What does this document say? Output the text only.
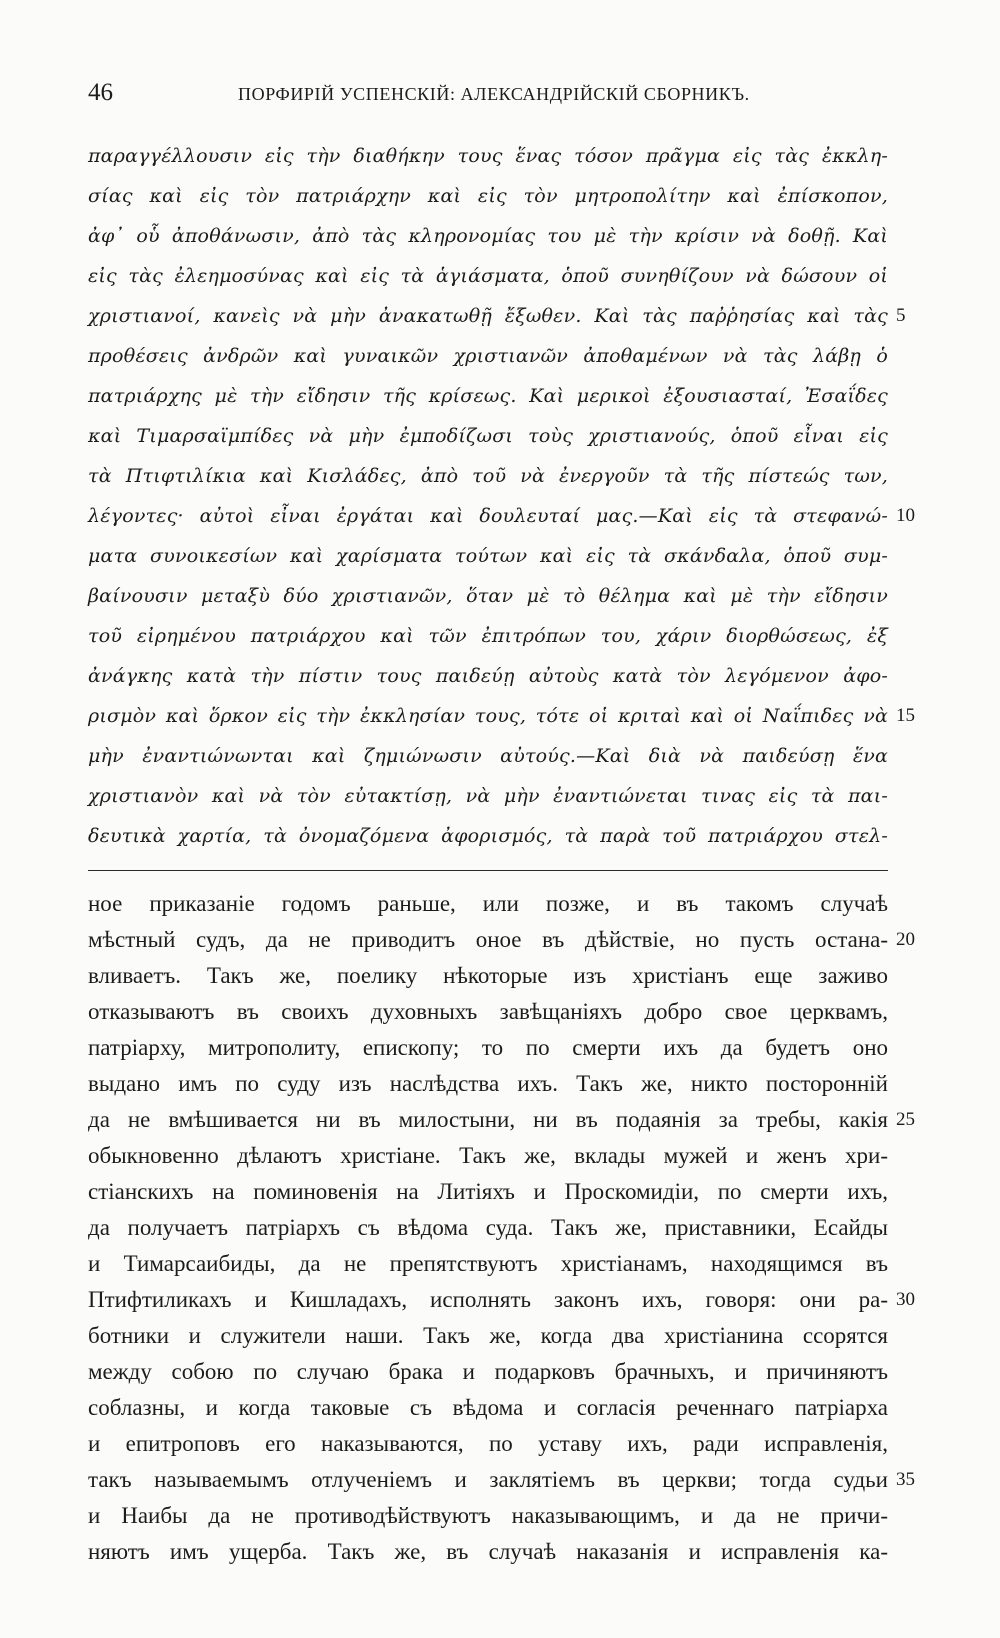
46	ПОРФИРІЙ УСПЕНСКІЙ: АЛЕКСАНДРІЙСКІЙ СБОРНИКЪ.
παραγγέλλουσιν εἰς τὴν διαθήκην τους ἕνας τόσον πρᾶγμα εἰς τὰς ἐκκλη-
σίας καὶ εἰς τὸν πατριάρχην καὶ εἰς τὸν μητροπολίτην καὶ ἐπίσκοπον,
ἀφ᾽ οὗ ἀποθάνωσιν, ἀπὸ τὰς κληρονομίας του μὲ τὴν κρίσιν νὰ δοθῇ. Καὶ
εἰς τὰς ἐλεημοσύνας καὶ εἰς τὰ ἁγιάσματα, ὁποῦ συνηθίζουν νὰ δώσουν οἱ
χριστιανοί, κανεὶς νὰ μὴν ἀνακατωθῇ ἔξωθεν. Καὶ τὰς παῤῥησίας καὶ τὰς 5
προθέσεις ἀνδρῶν καὶ γυναικῶν χριστιανῶν ἀποθαμένων νὰ τὰς λάβῃ ὁ
πατριάρχης μὲ τὴν εἴδησιν τῆς κρίσεως. Καὶ μερικοὶ ἐξουσιασταί, Ἐσαΐδες
καὶ Τιμαρσαϊμπίδες νὰ μὴν ἐμποδίζωσι τοὺς χριστιανούς, ὁποῦ εἶναι εἰς
τὰ Πτιφτιλίκια καὶ Κισλάδες, ἀπὸ τοῦ νὰ ἐνεργοῦν τὰ τῆς πίστεώς των,
λέγοντες· αὐτοὶ εἶναι ἐργάται καὶ δουλευταί μας.—Καὶ εἰς τὰ στεφανώ- 10
ματα συνοικεσίων καὶ χαρίσματα τούτων καὶ εἰς τὰ σκάνδαλα, ὁποῦ συμ-
βαίνουσιν μεταξὺ δύο χριστιανῶν, ὅταν μὲ τὸ θέλημα καὶ μὲ τὴν εἴδησιν
τοῦ εἰρημένου πατριάρχου καὶ τῶν ἐπιτρόπων του, χάριν διορθώσεως, ἐξ
ἀνάγκης κατὰ τὴν πίστιν τους παιδεύῃ αὐτοὺς κατὰ τὸν λεγόμενον ἀφο-
ρισμὸν καὶ ὅρκον εἰς τὴν ἐκκλησίαν τους, τότε οἱ κριταὶ καὶ οἱ Ναΐπιδες νὰ 15
μὴν ἐναντιώνωνται καὶ ζημιώνωσιν αὐτούς.—Καὶ διὰ νὰ παιδεύσῃ ἕνα
χριστιανὸν καὶ νὰ τὸν εὐτακτίσῃ, νὰ μὴν ἐναντιώνεται τινας εἰς τὰ παι-
δευτικὰ χαρτία, τὰ ὀνομαζόμενα ἀφορισμός, τὰ παρὰ τοῦ πατριάρχου στελ-
ное приказаніе годомъ раньше, или позже, и въ такомъ случаѣ
мѣстный судъ, да не приводитъ оное въ дѣйствіе, но пусть остана- 20
вливаетъ. Такъ же, поелику нѣкоторые изъ христіанъ еще заживо
отказываютъ въ своихъ духовныхъ завѣщаніяхъ добро свое церквамъ,
патріарху, митрополиту, епископу; то по смерти ихъ да будетъ оно
выдано имъ по суду изъ наслѣдства ихъ. Такъ же, никто посторонній
да не вмѣшивается ни въ милостыни, ни въ подаянія за требы, какія 25
обыкновенно дѣлаютъ христіане. Такъ же, вклады мужей и женъ хри-
стіанскихъ на поминовенія на Литіяхъ и Проскомидіи, по смерти ихъ,
да получаетъ патріархъ съ вѣдома суда. Такъ же, приставники, Есайды
и Тимарсаибиды, да не препятствуютъ христіанамъ, находящимся въ
Птифтиликахъ и Кишладахъ, исполнять законъ ихъ, говоря: они ра- 30
ботники и служители наши. Такъ же, когда два христіанина ссорятся
между собою по случаю брака и подарковъ брачныхъ, и причиняютъ
соблазны, и когда таковые съ вѣдома и согласія реченнаго патріарха
и епитроповъ его наказываются, по уставу ихъ, ради исправленія,
такъ называемымъ отлученіемъ и заклятіемъ въ церкви; тогда судьи 35
и Наибы да не противодѣйствуютъ наказывающимъ, и да не причи-
няютъ имъ ущерба. Такъ же, въ случаѣ наказанія и исправленія ка-
